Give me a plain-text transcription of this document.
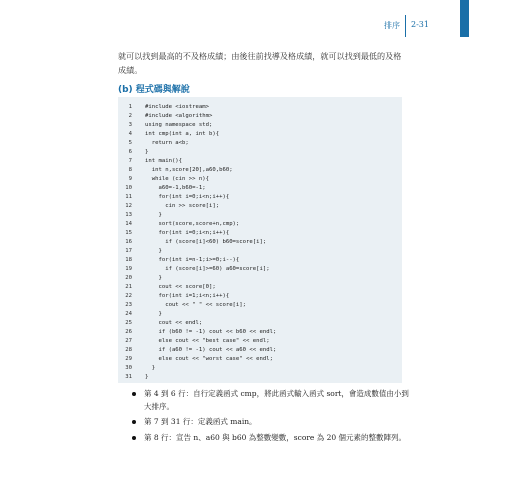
排序 2-31
就可以找到最高的不及格成績；由後往前找導及格成績，就可以找到最低的及格成績。
(b) 程式碼與解說
1 #include <iostream>
2 #include <algorithm>
3 using namespace std;
4 int cmp(int a, int b){
5 return a<b;
6 }
7 int main(){
8 int n,score[20],a60,b60;
9 while (cin >> n){
10 a60=-1,b60=-1;
11 for(int i=0;i<n;i++){
12 cin >> score[i];
13 }
14 sort(score,score+n,cmp);
15 for(int i=0;i<n;i++){
16 if (score[i]<60) b60=score[i];
17 }
18 for(int i=n-1;i>=0;i--){
19 if (score[i]>=60) a60=score[i];
20 }
21 cout << score[0];
22 for(int i=1;i<n;i++){
23 cout << " " << score[i];
24 }
25 cout << endl;
26 if (b60 != -1) cout << b60 << endl;
27 else cout << "best case" << endl;
28 if (a60 != -1) cout << a60 << endl;
29 else cout << "worst case" << endl;
30 }
31 }
第 4 到 6 行：自行定義函式 cmp，將此函式輸入函式 sort，會造成數值由小到大排序。
第 7 到 31 行：定義函式 main。
第 8 行：宣告 n、a60 與 b60 為整數變數，score 為 20 個元素的整數陣列。
